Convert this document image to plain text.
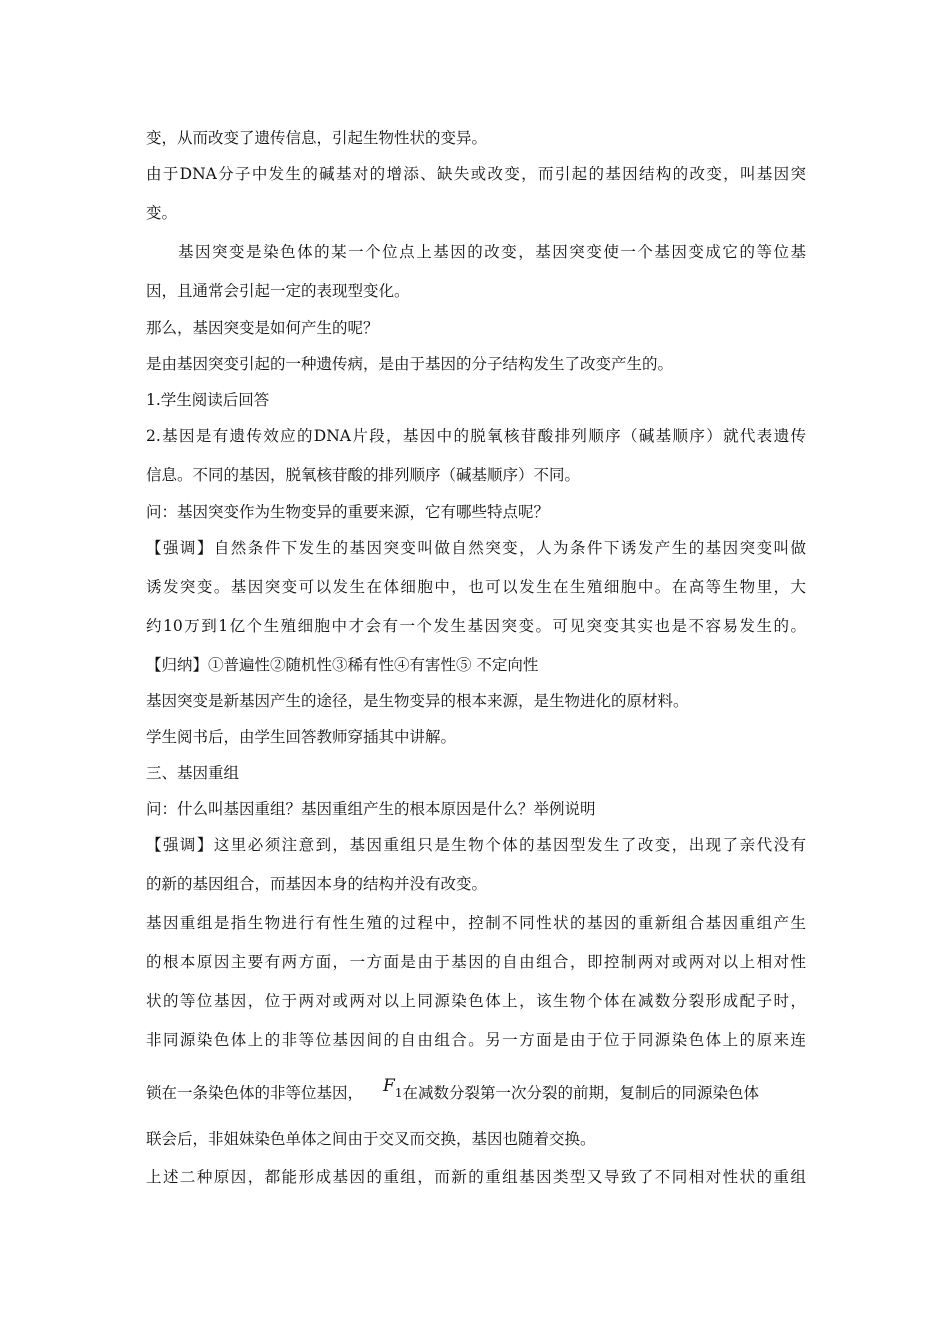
变，从而改变了遗传信息，引起生物性状的变异。
由于DNA分子中发生的碱基对的增添、缺失或改变，而引起的基因结构的改变，叫基因突
变。
基因突变是染色体的某一个位点上基因的改变，基因突变使一个基因变成它的等位基
因，且通常会引起一定的表现型变化。
那么，基因突变是如何产生的呢？
是由基因突变引起的一种遗传病，是由于基因的分子结构发生了改变产生的。
1.学生阅读后回答
2.基因是有遗传效应的DNA片段，基因中的脱氧核苷酸排列顺序（碱基顺序）就代表遗传
信息。不同的基因，脱氧核苷酸的排列顺序（碱基顺序）不同。
问：基因突变作为生物变异的重要来源，它有哪些特点呢？
【强调】自然条件下发生的基因突变叫做自然突变，人为条件下诱发产生的基因突变叫做
诱发突变。基因突变可以发生在体细胞中，也可以发生在生殖细胞中。在高等生物里，大
约10万到1亿个生殖细胞中才会有一个发生基因突变。可见突变其实也是不容易发生的。
【归纳】①普遍性②随机性③稀有性④有害性⑤ 不定向性
基因突变是新基因产生的途径，是生物变异的根本来源，是生物进化的原材料。
学生阅书后，由学生回答教师穿插其中讲解。
三、基因重组
问：什么叫基因重组？基因重组产生的根本原因是什么？举例说明
【强调】这里必须注意到，基因重组只是生物个体的基因型发生了改变，出现了亲代没有
的新的基因组合，而基因本身的结构并没有改变。
基因重组是指生物进行有性生殖的过程中，控制不同性状的基因的重新组合基因重组产生
的根本原因主要有两方面，一方面是由于基因的自由组合，即控制两对或两对以上相对性
状的等位基因，位于两对或两对以上同源染色体上，该生物个体在减数分裂形成配子时，
非同源染色体上的非等位基因间的自由组合。另一方面是由于位于同源染色体上的原来连
锁在一条染色体的非等位基因， $F_1$在减数分裂第一次分裂的前期，复制后的同源染色体
联会后，非姐妹染色单体之间由于交叉而交换，基因也随着交换。
上述二种原因，都能形成基因的重组，而新的重组基因类型又导致了不同相对性状的重组
